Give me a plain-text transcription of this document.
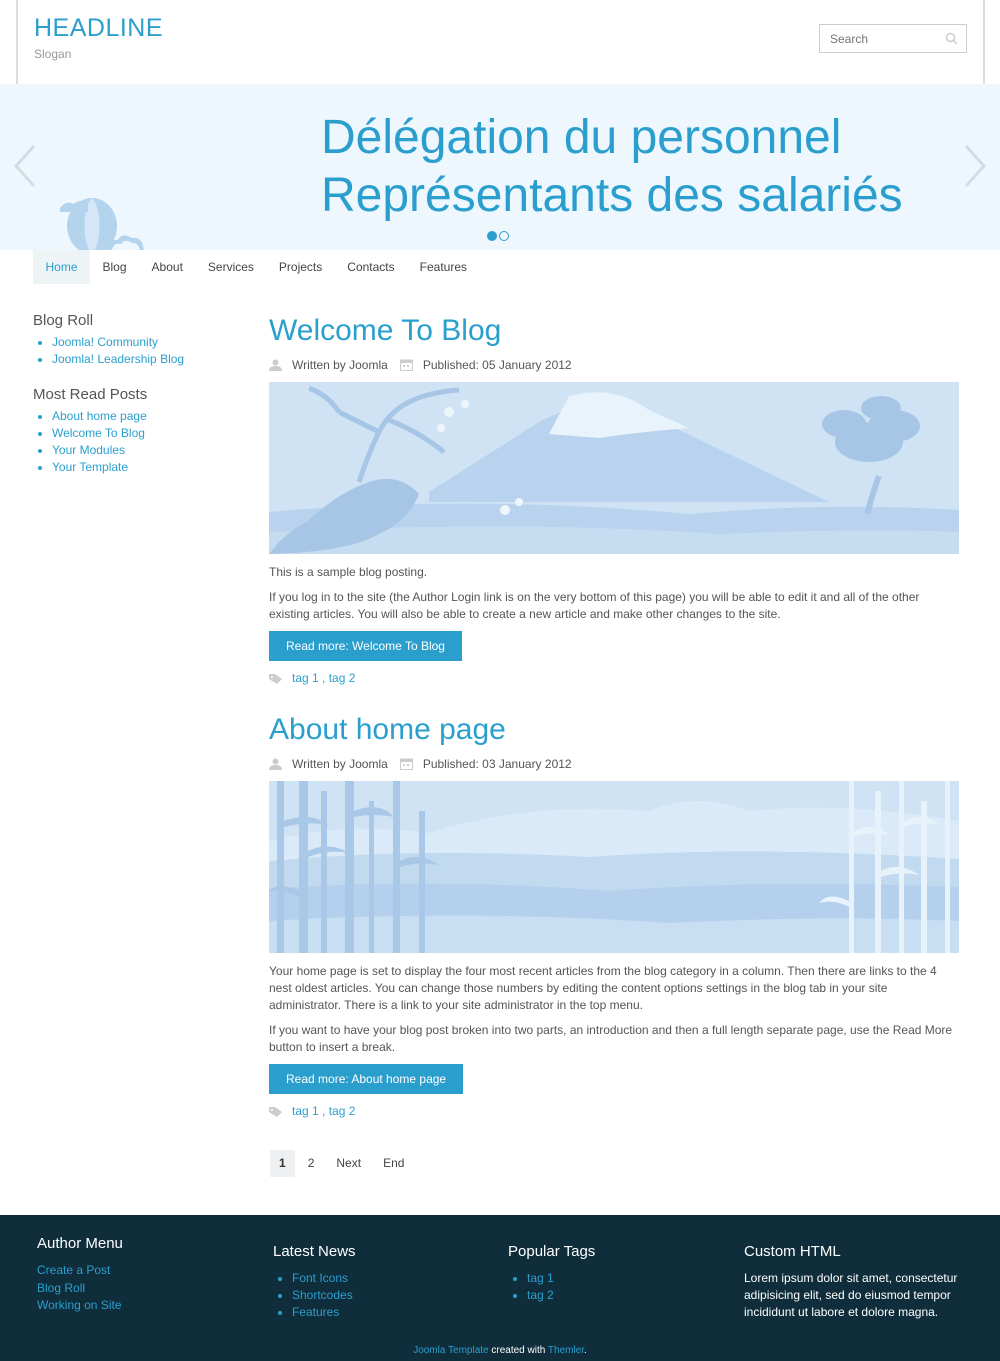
HEADLINE
Slogan
Search
Délégation du personnel
Représentants des salariés
Home	Blog	About	Services	Projects	Contacts	Features
Blog Roll
• Joomla! Community
• Joomla! Leadership Blog
Most Read Posts
• About home page
• Welcome To Blog
• Your Modules
• Your Template
Welcome To Blog
Written by Joomla	Published: 05 January 2012

This is a sample blog posting.

If you log in to the site (the Author Login link is on the very bottom of this page) you will be able to edit it and all of the other existing articles. You will also be able to create a new article and make other changes to the site.

Read more: Welcome To Blog
tag 1 , tag 2
About home page
Written by Joomla	Published: 03 January 2012

Your home page is set to display the four most recent articles from the blog category in a column. Then there are links to the 4 nest oldest articles. You can change those numbers by editing the content options settings in the blog tab in your site administrator. There is a link to your site administrator in the top menu.

If you want to have your blog post broken into two parts, an introduction and then a full length separate page, use the Read More button to insert a break.

Read more: About home page
tag 1 , tag 2
1	2	Next	End
Author Menu
Create a Post
Blog Roll
Working on Site
Latest News
• Font Icons
• Shortcodes
• Features
Popular Tags
• tag 1
• tag 2
Custom HTML

Lorem ipsum dolor sit amet, consectetur adipisicing elit, sed do eiusmod tempor incididunt ut labore et dolore magna.

Joomla Template created with Themler.
